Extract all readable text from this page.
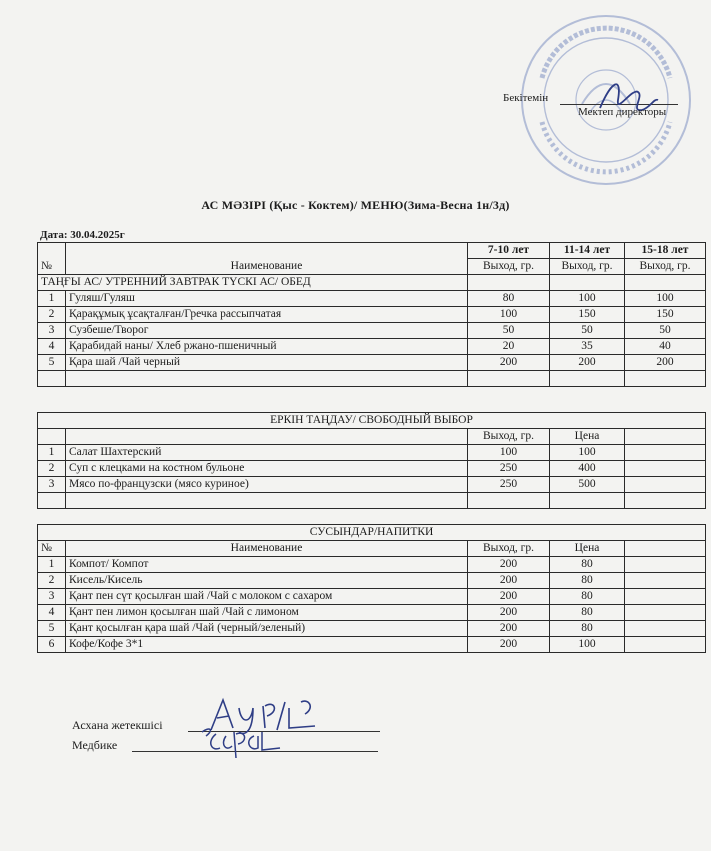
Бекітемін
Мектеп директоры
АС МӘЗІРІ (Қыс - Коктем)/ МЕНЮ(Зима-Весна 1н/3д)
Дата: 30.04.2025г
		7-10 лет	11-14 лет	15-18 лет
№	Наименование	Выход, гр.	Выход, гр.	Выход, гр.
ТАҢҒЫ АС/ УТРЕННИЙ ЗАВТРАК ТҮСКІ АС/ ОБЕД				
1	Гуляш/Гуляш	80	100	100
2	Қарақұмық ұсақталған/Гречка рассыпчатая	100	150	150
3	Сузбеше/Творог	50	50	50
4	Қарабидай наны/ Хлеб ржано-пшеничный	20	35	40
5	Қара шай /Чай черный	200	200	200

ЕРКІН ТАҢДАУ/ СВОБОДНЫЙ ВЫБОР				
		Выход, гр.	Цена	
1	Салат Шахтерский	100	100	
2	Суп с клецками на костном бульоне	250	400	
3	Мясо по-французски (мясо куриное)	250	500	

СУСЫНДАР/НАПИТКИ				
№	Наименование	Выход, гр.	Цена	
1	Компот/ Компот	200	80	
2	Кисель/Кисель	200	80	
3	Қант пен сүт қосылған шай /Чай с молоком с сахаром	200	80	
4	Қант пен лимон қосылған шай /Чай с лимоном	200	80	
5	Қант қосылған қара шай /Чай (черный/зеленый)	200	80	
6	Кофе/Кофе 3*1	200	100	
Асхана жетекшісі
Медбике
